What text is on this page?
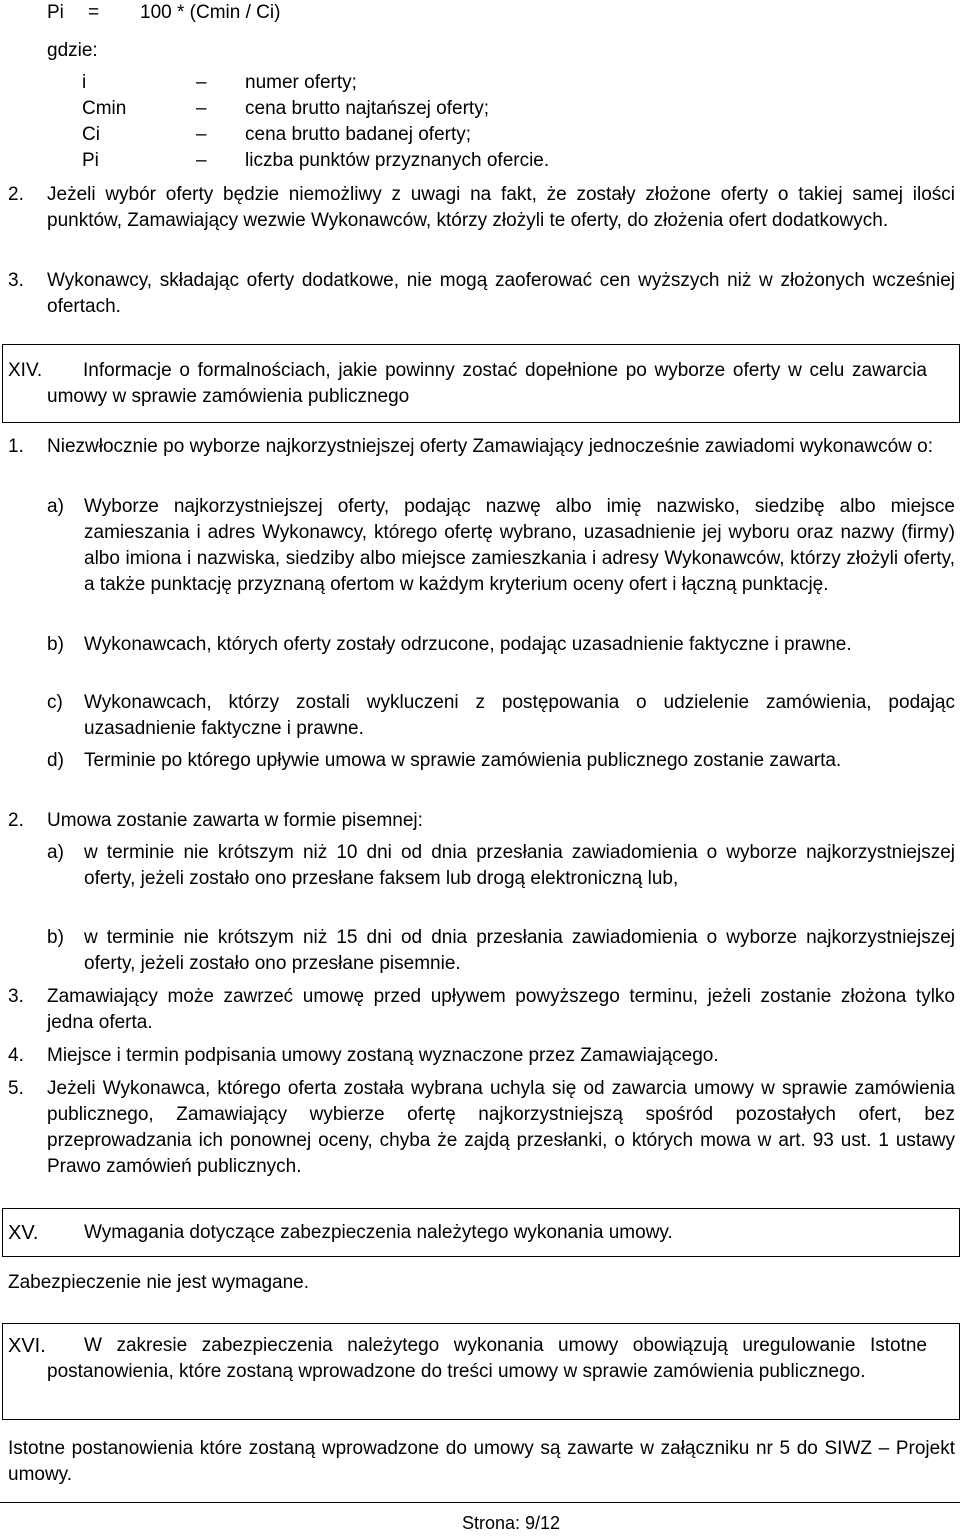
Pi = 100 * (Cmin / Ci)
gdzie:
i	– numer oferty;
Cmin	– cena brutto najtańszej oferty;
Ci	– cena brutto badanej oferty;
Pi	– liczba punktów przyznanych ofercie.
2. Jeżeli wybór oferty będzie niemożliwy z uwagi na fakt, że zostały złożone oferty o takiej samej ilości punktów, Zamawiający wezwie Wykonawców, którzy złożyli te oferty, do złożenia ofert dodatkowych.
3. Wykonawcy, składając oferty dodatkowe, nie mogą zaoferować cen wyższych niż w złożonych wcześniej ofertach.
XIV.	Informacje o formalnościach, jakie powinny zostać dopełnione po wyborze oferty w celu zawarcia umowy w sprawie zamówienia publicznego
1. Niezwłocznie po wyborze najkorzystniejszej oferty Zamawiający jednocześnie zawiadomi wykonawców o:
a) Wyborze najkorzystniejszej oferty, podając nazwę albo imię nazwisko, siedzibę albo miejsce zamieszania i adres Wykonawcy, którego ofertę wybrano, uzasadnienie jej wyboru oraz nazwy (firmy) albo imiona i nazwiska, siedziby albo miejsce zamieszkania i adresy Wykonawców, którzy złożyli oferty, a także punktację przyznaną ofertom w każdym kryterium oceny ofert i łączną punktację.
b) Wykonawcach, których oferty zostały odrzucone, podając uzasadnienie faktyczne i prawne.
c) Wykonawcach, którzy zostali wykluczeni z postępowania o udzielenie zamówienia, podając uzasadnienie faktyczne i prawne.
d) Terminie po którego upływie umowa w sprawie zamówienia publicznego zostanie zawarta.
2. Umowa zostanie zawarta w formie pisemnej:
a) w terminie nie krótszym niż 10 dni od dnia przesłania zawiadomienia o wyborze najkorzystniejszej oferty, jeżeli zostało ono przesłane faksem lub drogą elektroniczną lub,
b) w terminie nie krótszym niż 15 dni od dnia przesłania zawiadomienia o wyborze najkorzystniejszej oferty, jeżeli zostało ono przesłane pisemnie.
3. Zamawiający może zawrzeć umowę przed upływem powyższego terminu, jeżeli zostanie złożona tylko jedna oferta.
4. Miejsce i termin podpisania umowy zostaną wyznaczone przez Zamawiającego.
5. Jeżeli Wykonawca, którego oferta została wybrana uchyla się od zawarcia umowy w sprawie zamówienia publicznego, Zamawiający wybierze ofertę najkorzystniejszą spośród pozostałych ofert, bez przeprowadzania ich ponownej oceny, chyba że zajdą przesłanki, o których mowa w art. 93 ust. 1 ustawy Prawo zamówień publicznych.
XV. Wymagania dotyczące zabezpieczenia należytego wykonania umowy.
Zabezpieczenie nie jest wymagane.
XVI.	W zakresie zabezpieczenia należytego wykonania umowy obowiązują uregulowanie Istotne postanowienia, które zostaną wprowadzone do treści umowy w sprawie zamówienia publicznego.
Istotne postanowienia które zostaną wprowadzone do umowy są zawarte w załączniku nr 5 do SIWZ – Projekt umowy.
Strona: 9/12
